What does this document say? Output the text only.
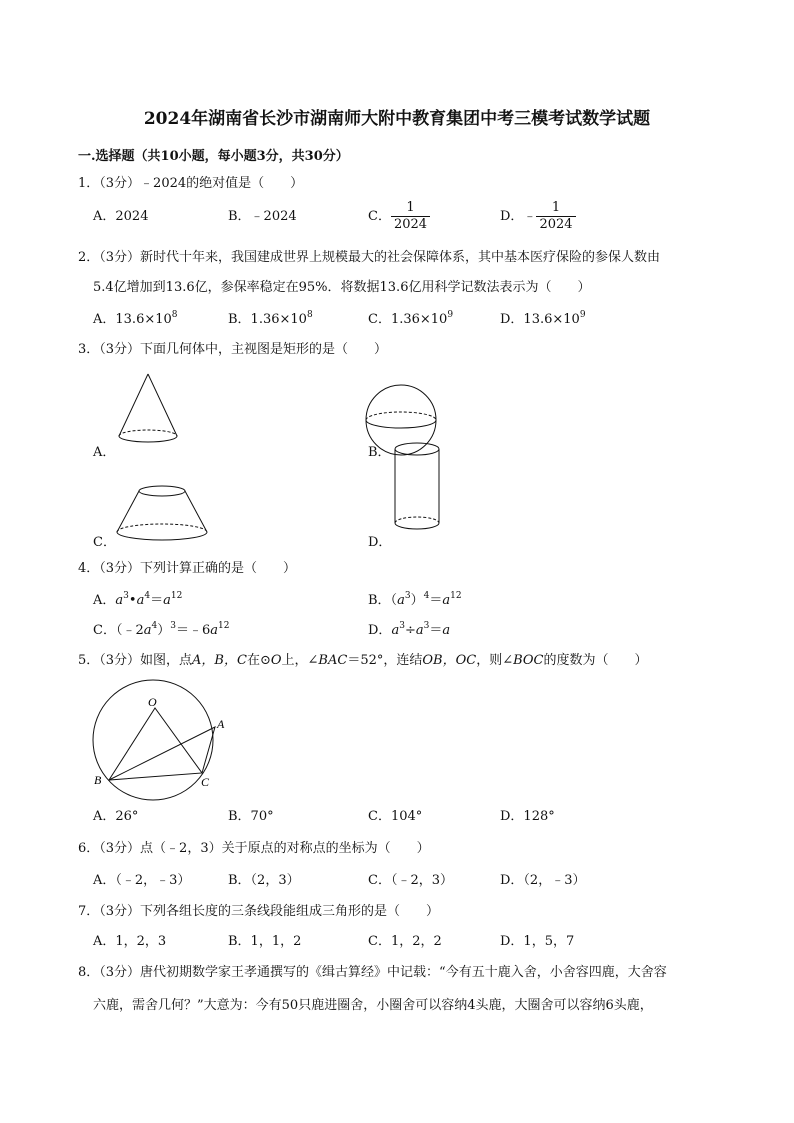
2024年湖南省长沙市湖南师大附中教育集团中考三模考试数学试题
一.选择题（共10小题，每小题3分，共30分）
1．（3分）﹣2024的绝对值是（　　）
A．2024	B．﹣2024	C． $\frac{1}{2024}$	D．﹣ $\frac{1}{2024}$
2．（3分）新时代十年来，我国建成世界上规模最大的社会保障体系，其中基本医疗保险的参保人数由
5.4亿增加到13.6亿，参保率稳定在95%．将数据13.6亿用科学记数法表示为（　　）
A．$13.6\times 10^8$	B．$1.36\times 10^8$	C．$1.36\times 10^9$	D．$13.6\times 10^9$
3．（3分）下面几何体中，主视图是矩形的是（　　）
A．	B．
C．	D．
4．（3分）下列计算正确的是（　　）
A．$a^3•a^4=a^{12}$	B．$(a^3)^4=a^{12}$
C．$(﹣2a^4)^3=﹣6a^{12}$	D．$a^3\div a^3=a$
5．（3分）如图，点A，B，C在⊙O上，∠BAC＝52°，连结OB，OC，则∠BOC的度数为（　　）
O
A
B	C
A．26°	B．70°	C．104°	D．128°
6．（3分）点（﹣2，3）关于原点的对称点的坐标为（　　）
A．（﹣2，﹣3）	B．（2，3）	C．（﹣2，3）	D．（2，﹣3）
7．（3分）下列各组长度的三条线段能组成三角形的是（　　）
A．1，2，3	B．1，1，2	C．1，2，2	D．1，5，7
8．（3分）唐代初期数学家王孝通撰写的《缉古算经》中记载：“今有五十鹿入舍，小舍容四鹿，大舍容
六鹿，需舍几何？”大意为：今有50只鹿进圈舍，小圈舍可以容纳4头鹿，大圈舍可以容纳6头鹿，
